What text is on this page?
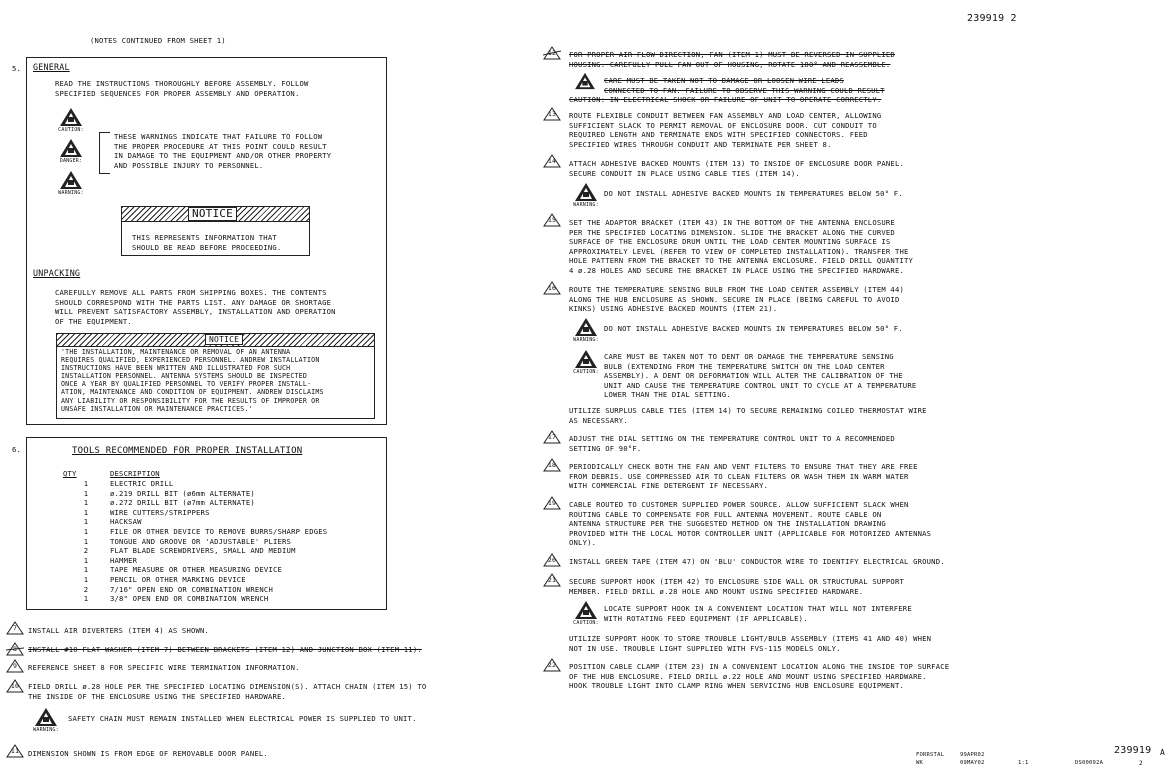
239919 2
(NOTES CONTINUED FROM SHEET 1)
5. GENERAL
READ THE INSTRUCTIONS THOROUGHLY BEFORE ASSEMBLY. FOLLOW
SPECIFIED SEQUENCES FOR PROPER ASSEMBLY AND OPERATION.
CAUTION:
DANGER:
WARNING:
THESE WARNINGS INDICATE THAT FAILURE TO FOLLOW
THE PROPER PROCEDURE AT THIS POINT COULD RESULT
IN DAMAGE TO THE EQUIPMENT AND/OR OTHER PROPERTY
AND POSSIBLE INJURY TO PERSONNEL.
NOTICE
THIS REPRESENTS INFORMATION THAT
SHOULD BE READ BEFORE PROCEEDING.
UNPACKING
CAREFULLY REMOVE ALL PARTS FROM SHIPPING BOXES. THE CONTENTS
SHOULD CORRESPOND WITH THE PARTS LIST. ANY DAMAGE OR SHORTAGE
WILL PREVENT SATISFACTORY ASSEMBLY, INSTALLATION AND OPERATION
OF THE EQUIPMENT.
NOTICE
'THE INSTALLATION, MAINTENANCE OR REMOVAL OF AN ANTENNA
REQUIRES QUALIFIED, EXPERIENCED PERSONNEL. ANDREW INSTALLATION
INSTRUCTIONS HAVE BEEN WRITTEN AND ILLUSTRATED FOR SUCH
INSTALLATION PERSONNEL. ANTENNA SYSTEMS SHOULD BE INSPECTED
ONCE A YEAR BY QUALIFIED PERSONNEL TO VERIFY PROPER INSTALL-
ATION, MAINTENANCE AND CONDITION OF EQUIPMENT. ANDREW DISCLAIMS
ANY LIABILITY OR RESPONSIBILITY FOR THE RESULTS OF IMPROPER OR
UNSAFE INSTALLATION OR MAINTENANCE PRACTICES.'
6.	TOOLS RECOMMENDED FOR PROPER INSTALLATION
QTY	DESCRIPTION
1	ELECTRIC DRILL
1	ø.219 DRILL BIT (ø6mm ALTERNATE)
1	ø.272 DRILL BIT (ø7mm ALTERNATE)
1	WIRE CUTTERS/STRIPPERS
1	HACKSAW
1	FILE OR OTHER DEVICE TO REMOVE BURRS/SHARP EDGES
1	TONGUE AND GROOVE OR 'ADJUSTABLE' PLIERS
2	FLAT BLADE SCREWDRIVERS, SMALL AND MEDIUM
1	HAMMER
1	TAPE MEASURE OR OTHER MEASURING DEVICE
1	PENCIL OR OTHER MARKING DEVICE
2	7/16" OPEN END OR COMBINATION WRENCH
1	3/8" OPEN END OR COMBINATION WRENCH
7	INSTALL AIR DIVERTERS (ITEM 4) AS SHOWN.
8	INSTALL #10 FLAT WASHER (ITEM 7) BETWEEN BRACKETS (ITEM 12) AND JUNCTION BOX (ITEM 11).
9	REFERENCE SHEET 8 FOR SPECIFIC WIRE TERMINATION INFORMATION.
10	FIELD DRILL ø.28 HOLE PER THE SPECIFIED LOCATING DIMENSION(S). ATTACH CHAIN (ITEM 15) TO
THE INSIDE OF THE ENCLOSURE USING THE SPECIFIED HARDWARE.
WARNING:
SAFETY CHAIN MUST REMAIN INSTALLED WHEN ELECTRICAL POWER IS SUPPLIED TO UNIT.
11	DIMENSION SHOWN IS FROM EDGE OF REMOVABLE DOOR PANEL.
12	FOR PROPER AIR FLOW DIRECTION, FAN (ITEM 1) MUST BE REVERSED IN SUPPLIED
HOUSING. CAREFULLY PULL FAN OUT OF HOUSING, ROTATE 180° AND REASSEMBLE.
CARE MUST BE TAKEN NOT TO DAMAGE OR LOOSEN WIRE LEADS
CONNECTED TO FAN. FAILURE TO OBSERVE THIS WARNING COULD RESULT
CAUTION: IN ELECTRICAL SHOCK OR FAILURE OF UNIT TO OPERATE CORRECTLY.
13	ROUTE FLEXIBLE CONDUIT BETWEEN FAN ASSEMBLY AND LOAD CENTER, ALLOWING
SUFFICIENT SLACK TO PERMIT REMOVAL OF ENCLOSURE DOOR. CUT CONDUIT TO
REQUIRED LENGTH AND TERMINATE ENDS WITH SPECIFIED CONNECTORS. FEED
SPECIFIED WIRES THROUGH CONDUIT AND TERMINATE PER SHEET 8.
14	ATTACH ADHESIVE BACKED MOUNTS (ITEM 13) TO INSIDE OF ENCLOSURE DOOR PANEL.
SECURE CONDUIT IN PLACE USING CABLE TIES (ITEM 14).
WARNING:
DO NOT INSTALL ADHESIVE BACKED MOUNTS IN TEMPERATURES BELOW 50° F.
15	SET THE ADAPTOR BRACKET (ITEM 43) IN THE BOTTOM OF THE ANTENNA ENCLOSURE
PER THE SPECIFIED LOCATING DIMENSION. SLIDE THE BRACKET ALONG THE CURVED
SURFACE OF THE ENCLOSURE DRUM UNTIL THE LOAD CENTER MOUNTING SURFACE IS
APPROXIMATELY LEVEL (REFER TO VIEW OF COMPLETED INSTALLATION). TRANSFER THE
HOLE PATTERN FROM THE BRACKET TO THE ANTENNA ENCLOSURE. FIELD DRILL QUANTITY
4 ø.28 HOLES AND SECURE THE BRACKET IN PLACE USING THE SPECIFIED HARDWARE.
16	ROUTE THE TEMPERATURE SENSING BULB FROM THE LOAD CENTER ASSEMBLY (ITEM 44)
ALONG THE HUB ENCLOSURE AS SHOWN. SECURE IN PLACE (BEING CAREFUL TO AVOID
KINKS) USING ADHESIVE BACKED MOUNTS (ITEM 21).
WARNING:
DO NOT INSTALL ADHESIVE BACKED MOUNTS IN TEMPERATURES BELOW 50° F.
CAUTION:
CARE MUST BE TAKEN NOT TO DENT OR DAMAGE THE TEMPERATURE SENSING
BULB (EXTENDING FROM THE TEMPERATURE SWITCH ON THE LOAD CENTER
ASSEMBLY). A DENT OR DEFORMATION WILL ALTER THE CALIBRATION OF THE
UNIT AND CAUSE THE TEMPERATURE CONTROL UNIT TO CYCLE AT A TEMPERATURE
LOWER THAN THE DIAL SETTING.
UTILIZE SURPLUS CABLE TIES (ITEM 14) TO SECURE REMAINING COILED THERMOSTAT WIRE
AS NECESSARY.
17	ADJUST THE DIAL SETTING ON THE TEMPERATURE CONTROL UNIT TO A RECOMMENDED
SETTING OF 90°F.
18	PERIODICALLY CHECK BOTH THE FAN AND VENT FILTERS TO ENSURE THAT THEY ARE FREE
FROM DEBRIS. USE COMPRESSED AIR TO CLEAN FILTERS OR WASH THEM IN WARM WATER
WITH COMMERCIAL FINE DETERGENT IF NECESSARY.
19	CABLE ROUTED TO CUSTOMER SUPPLIED POWER SOURCE. ALLOW SUFFICIENT SLACK WHEN
ROUTING CABLE TO COMPENSATE FOR FULL ANTENNA MOVEMENT. ROUTE CABLE ON
ANTENNA STRUCTURE PER THE SUGGESTED METHOD ON THE INSTALLATION DRAWING
PROVIDED WITH THE LOCAL MOTOR CONTROLLER UNIT (APPLICABLE FOR MOTORIZED ANTENNAS
ONLY).
20	INSTALL GREEN TAPE (ITEM 47) ON 'BLU' CONDUCTOR WIRE TO IDENTIFY ELECTRICAL GROUND.
21	SECURE SUPPORT HOOK (ITEM 42) TO ENCLOSURE SIDE WALL OR STRUCTURAL SUPPORT
MEMBER. FIELD DRILL ø.28 HOLE AND MOUNT USING SPECIFIED HARDWARE.
CAUTION:
LOCATE SUPPORT HOOK IN A CONVENIENT LOCATION THAT WILL NOT INTERFERE
WITH ROTATING FEED EQUIPMENT (IF APPLICABLE).
UTILIZE SUPPORT HOOK TO STORE TROUBLE LIGHT/BULB ASSEMBLY (ITEMS 41 AND 40) WHEN
NOT IN USE. TROUBLE LIGHT SUPPLIED WITH FVS-115 MODELS ONLY.
22	POSITION CABLE CLAMP (ITEM 23) IN A CONVENIENT LOCATION ALONG THE INSIDE TOP SURFACE
OF THE HUB ENCLOSURE. FIELD DRILL ø.22 HOLE AND MOUNT USING SPECIFIED HARDWARE.
HOOK TROUBLE LIGHT INTO CLAMP RING WHEN SERVICING HUB ENCLOSURE EQUIPMENT.
FORRSTAL
WK
99APR02
09MAY02	1:1	DS00092A
239919 A
2
